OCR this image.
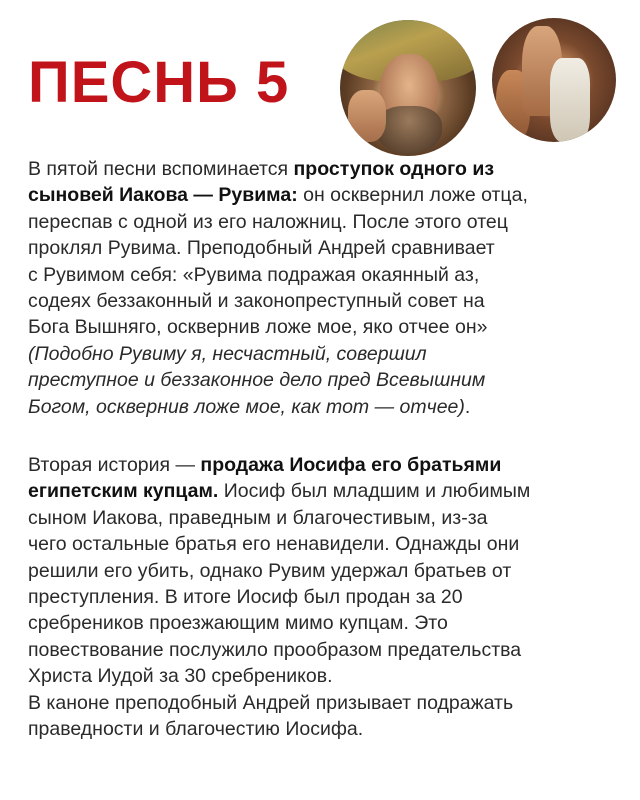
ПЕСНЬ 5
В пятой песни вспоминается проступок одного из
сыновей Иакова — Рувима: он осквернил ложе отца,
переспав с одной из его наложниц. После этого отец
проклял Рувима. Преподобный Андрей сравнивает
с Рувимом себя: «Рувима подражая окаянный аз,
содеях беззаконный и законопреступный совет на
Бога Вышняго, осквернив ложе мое, яко отчее он»
(Подобно Рувиму я, несчастный, совершил
преступное и беззаконное дело пред Всевышним
Богом, осквернив ложе мое, как тот — отчее).
Вторая история — продажа Иосифа его братьями
египетским купцам. Иосиф был младшим и любимым
сыном Иакова, праведным и благочестивым, из-за
чего остальные братья его ненавидели. Однажды они
решили его убить, однако Рувим удержал братьев от
преступления. В итоге Иосиф был продан за 20
сребреников проезжающим мимо купцам. Это
повествование послужило прообразом предательства
Христа Иудой за 30 сребреников.
В каноне преподобный Андрей призывает подражать
праведности и благочестию Иосифа.
